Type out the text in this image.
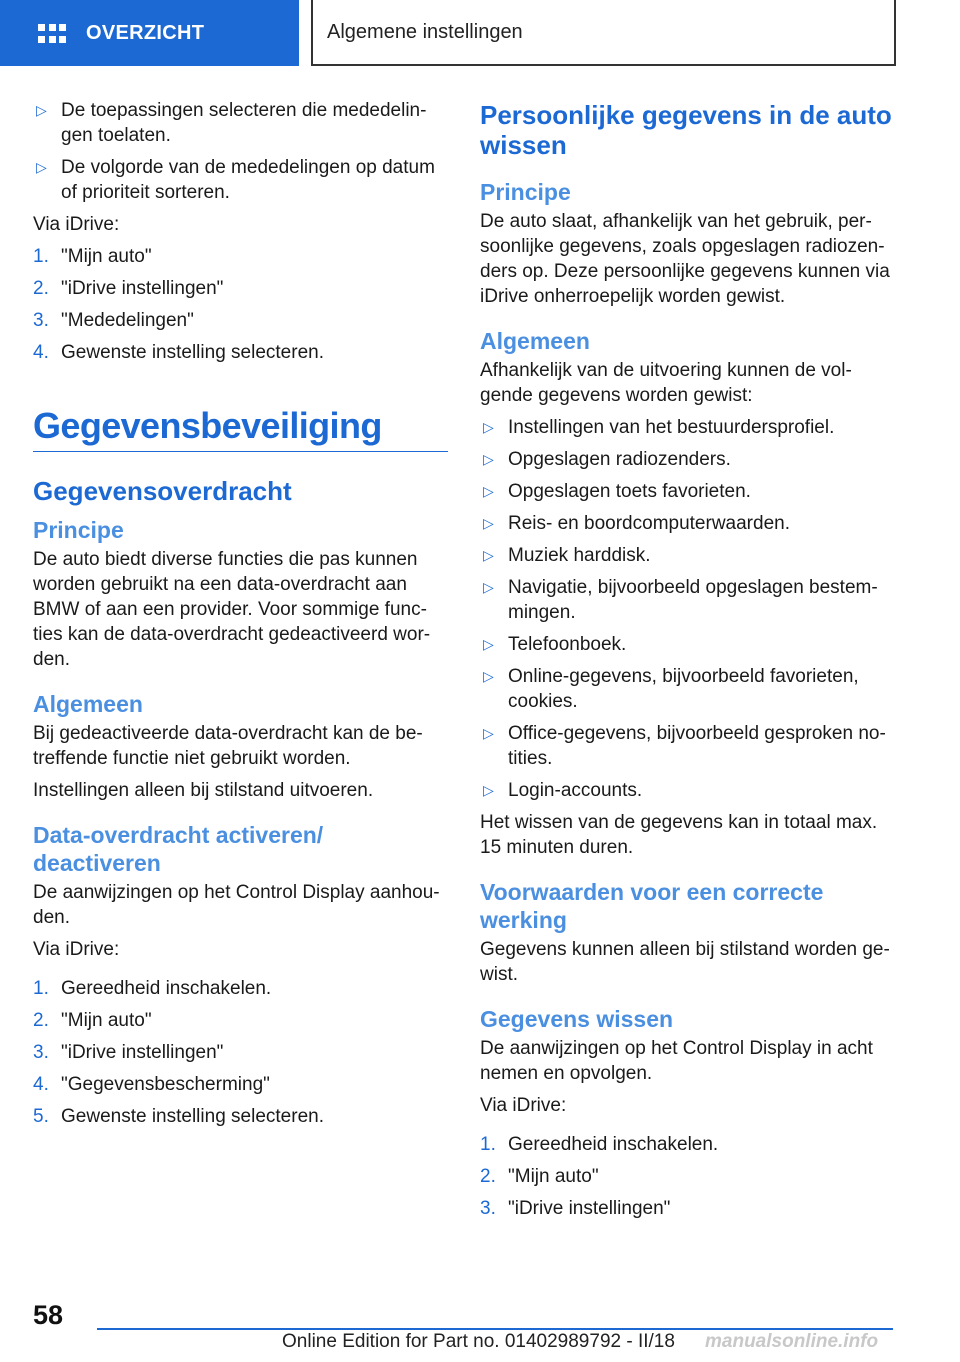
OVERZICHT	Algemene instellingen
▷ De toepassingen selecteren die mededelin-gen toelaten.
▷ De volgorde van de mededelingen op datum of prioriteit sorteren.

Via iDrive:

1. "Mijn auto"
2. "iDrive instellingen"
3. "Mededelingen"
4. Gewenste instelling selecteren.
Gegevensbeveiliging
Gegevensoverdracht
Principe

De auto biedt diverse functies die pas kunnen worden gebruikt na een data-overdracht aan BMW of aan een provider. Voor sommige func-ties kan de data-overdracht gedeactiveerd wor-den.

Algemeen

Bij gedeactiveerde data-overdracht kan de be-treffende functie niet gebruikt worden.

Instellingen alleen bij stilstand uitvoeren.

Data-overdracht activeren/ deactiveren

De aanwijzingen op het Control Display aanhou-den.

Via iDrive:

1. Gereedheid inschakelen.
2. "Mijn auto"
3. "iDrive instellingen"
4. "Gegevensbescherming"
5. Gewenste instelling selecteren.
Persoonlijke gegevens in de auto wissen
Principe

De auto slaat, afhankelijk van het gebruik, per-soonlijke gegevens, zoals opgeslagen radiozen-ders op. Deze persoonlijke gegevens kunnen via iDrive onherroepelijk worden gewist.

Algemeen

Afhankelijk van de uitvoering kunnen de vol-gende gegevens worden gewist:

▷ Instellingen van het bestuurdersprofiel.
▷ Opgeslagen radiozenders.
▷ Opgeslagen toets favorieten.
▷ Reis- en boordcomputerwaarden.
▷ Muziek harddisk.
▷ Navigatie, bijvoorbeeld opgeslagen bestem-mingen.
▷ Telefoonboek.
▷ Online-gegevens, bijvoorbeeld favorieten, cookies.
▷ Office-gegevens, bijvoorbeeld gesproken no-tities.
▷ Login-accounts.

Het wissen van de gegevens kan in totaal max. 15 minuten duren.

Voorwaarden voor een correcte werking

Gegevens kunnen alleen bij stilstand worden ge-wist.

Gegevens wissen

De aanwijzingen op het Control Display in acht nemen en opvolgen.

Via iDrive:

1. Gereedheid inschakelen.
2. "Mijn auto"
3. "iDrive instellingen"
58
Online Edition for Part no. 01402989792 - II/18 manualsonline.info
